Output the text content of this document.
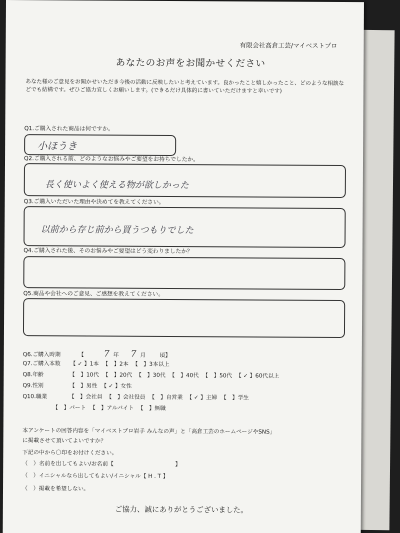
有限会社高倉工芸/マイベストプロ
あなたのお声をお聞かせください
あなた様のご意見をお聞かせいただき今後の活動に反映したいと考えています。良かったこと嬉しかったこと、どのような相談などでも結構です。ぜひご協力宜しくお願いします。(できるだけ具体的に書いていただけますと幸いです)
Q1.ご購入された商品は何ですか。
小ほうき
Q2.ご購入される前、どのようなお悩みやご要望をお持ちでしたか。
長く使いよく使える物が欲しかった
Q3.ご購入いただいた理由や決めてを教えてください。
以前から存じ前から買うつもりでした
Q4.ご購入された後、そのお悩みやご要望はどう変わりましたか？
Q5.商品や会社へのご意見、ご感想を教えてください。
Q6.ご購入時期	【 7 年 7 月 頃】
Q7.ご購入本数 【 ✓ 】1本 【　】2本 【　】3本以上
Q8.年齢	【　】10代 【　】20代 【　】30代 【　】40代 【　】50代 【 ✓ 】60代以上
Q9.性別	【　】男性 【 ✓ 】女性
Q10.職業	【　】会社員 【　】会社役員 【　】自営業 【 ✓ 】主婦 【　】学生
【　】パート 【　】アルバイト 【　】無職
本アンケートの回答内容を「マイベストプロ岩手 みんなの声」と「高倉工芸のホームページやSNS」
に掲載させて頂いてよいですか？
下記の中から〇印をお付けください。
（　）名前を出してもよい/お名前【　　　　　　　　　　　】
（　）イニシャルなら出してもよい/イニシャル【 H . T 】
（　）掲載を希望しない。
ご協力、誠にありがとうございました。
